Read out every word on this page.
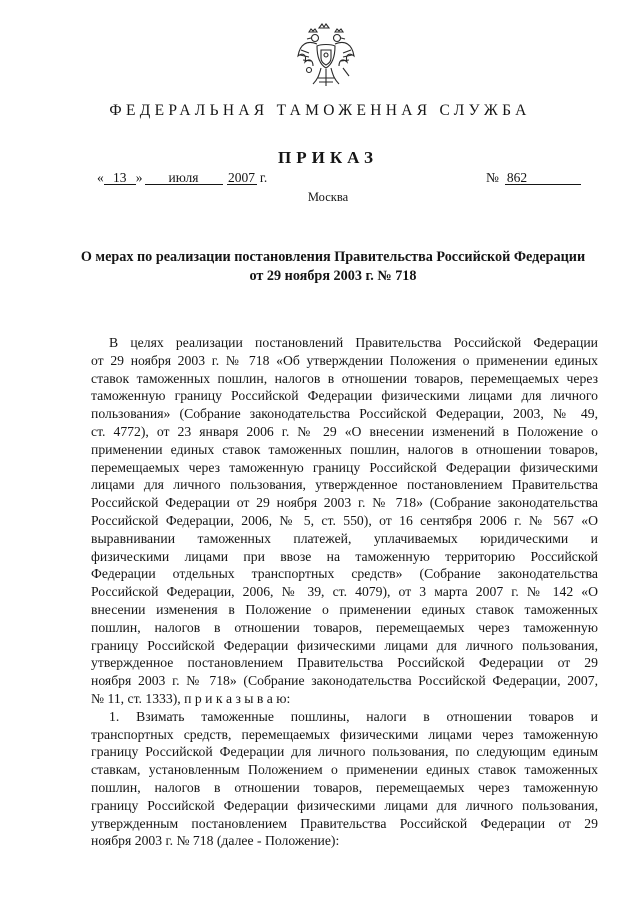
ФЕДЕРАЛЬНАЯ ТАМОЖЕННАЯ СЛУЖБА
ПРИКАЗ
« 13 » июля 2007 г.	№ 862
Москва
О мерах по реализации постановления Правительства Российской Федерации
от 29 ноября 2003 г. № 718
В целях реализации постановлений Правительства Российской Федерации
от 29 ноября 2003 г. № 718 «Об утверждении Положения о применении единых
ставок таможенных пошлин, налогов в отношении товаров, перемещаемых через
таможенную границу Российской Федерации физическими лицами для личного
пользования» (Собрание законодательства Российской Федерации, 2003, № 49,
ст. 4772), от 23 января 2006 г. № 29 «О внесении изменений в Положение о
применении единых ставок таможенных пошлин, налогов в отношении товаров,
перемещаемых через таможенную границу Российской Федерации физическими
лицами для личного пользования, утвержденное постановлением Правительства
Российской Федерации от 29 ноября 2003 г. № 718» (Собрание законодательства
Российской Федерации, 2006, № 5, ст. 550), от 16 сентября 2006 г. № 567 «О
выравнивании таможенных платежей, уплачиваемых юридическими и
физическими лицами при ввозе на таможенную территорию Российской
Федерации отдельных транспортных средств» (Собрание законодательства
Российской Федерации, 2006, № 39, ст. 4079), от 3 марта 2007 г. № 142 «О
внесении изменения в Положение о применении единых ставок таможенных
пошлин, налогов в отношении товаров, перемещаемых через таможенную
границу Российской Федерации физическими лицами для личного пользования,
утвержденное постановлением Правительства Российской Федерации от 29
ноября 2003 г. № 718» (Собрание законодательства Российской Федерации, 2007,
№ 11, ст. 1333), п р и к а з ы в а ю:
1. Взимать таможенные пошлины, налоги в отношении товаров и
транспортных средств, перемещаемых физическими лицами через таможенную
границу Российской Федерации для личного пользования, по следующим единым
ставкам, установленным Положением о применении единых ставок таможенных
пошлин, налогов в отношении товаров, перемещаемых через таможенную
границу Российской Федерации физическими лицами для личного пользования,
утвержденным постановлением Правительства Российской Федерации от 29
ноября 2003 г. № 718 (далее - Положение):
